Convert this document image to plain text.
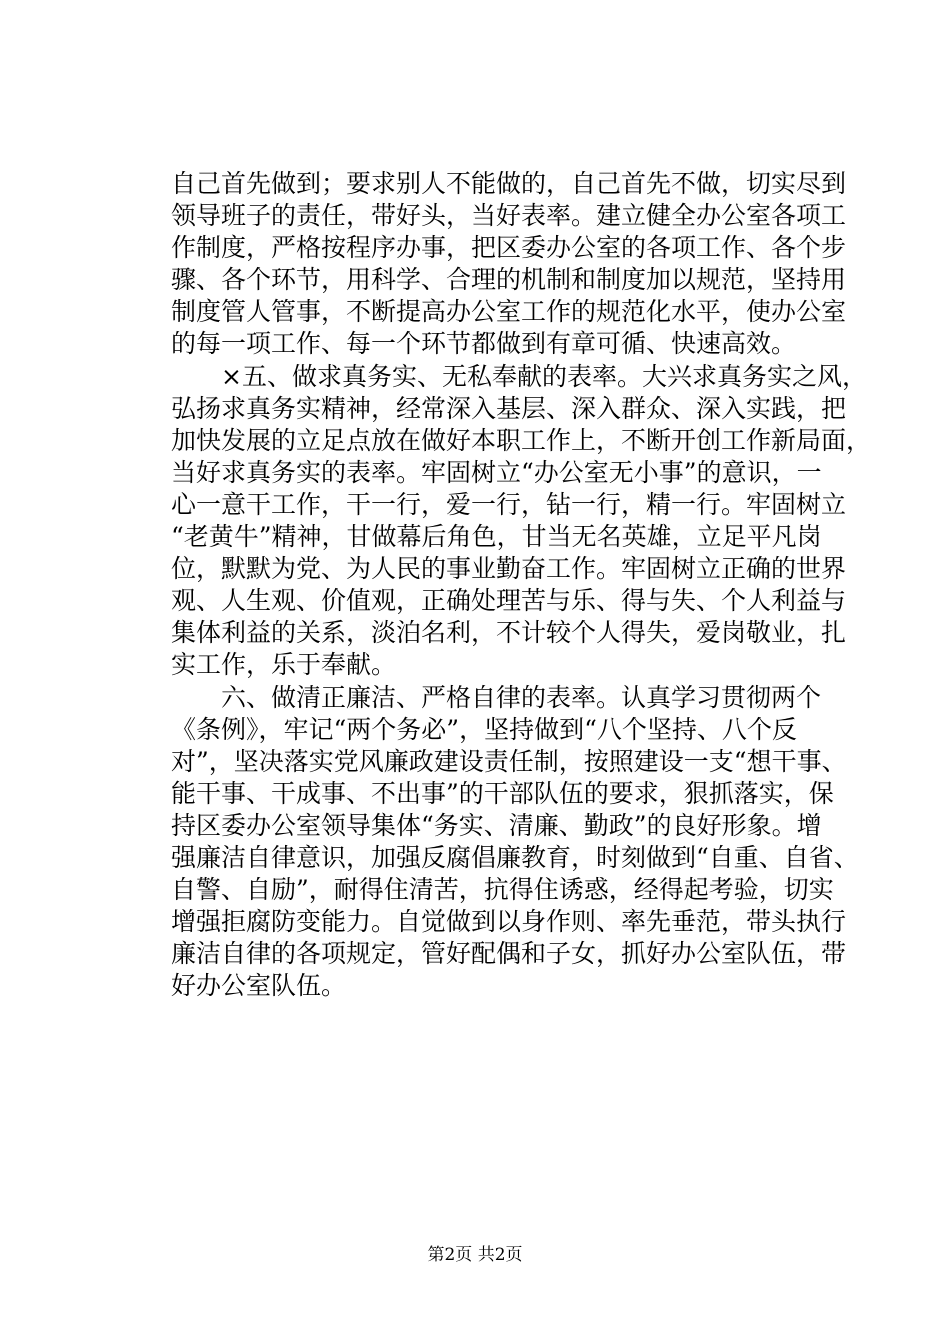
自己首先做到；要求别人不能做的，自己首先不做，切实尽到
领导班子的责任，带好头，当好表率。建立健全办公室各项工
作制度，严格按程序办事，把区委办公室的各项工作、各个步
骤、各个环节，用科学、合理的机制和制度加以规范，坚持用
制度管人管事，不断提高办公室工作的规范化水平，使办公室
的每一项工作、每一个环节都做到有章可循、快速高效。
　　×五、做求真务实、无私奉献的表率。大兴求真务实之风，
弘扬求真务实精神，经常深入基层、深入群众、深入实践，把
加快发展的立足点放在做好本职工作上，不断开创工作新局面，
当好求真务实的表率。牢固树立“办公室无小事”的意识，一
心一意干工作，干一行，爱一行，钻一行，精一行。牢固树立
“老黄牛”精神，甘做幕后角色，甘当无名英雄，立足平凡岗
位，默默为党、为人民的事业勤奋工作。牢固树立正确的世界
观、人生观、价值观，正确处理苦与乐、得与失、个人利益与
集体利益的关系，淡泊名利，不计较个人得失，爱岗敬业，扎
实工作，乐于奉献。
　　六、做清正廉洁、严格自律的表率。认真学习贯彻两个
《条例》，牢记“两个务必”，坚持做到“八个坚持、八个反
对”，坚决落实党风廉政建设责任制，按照建设一支“想干事、
能干事、干成事、不出事”的干部队伍的要求，狠抓落实，保
持区委办公室领导集体“务实、清廉、勤政”的良好形象。增
强廉洁自律意识，加强反腐倡廉教育，时刻做到“自重、自省、
自警、自励”，耐得住清苦，抗得住诱惑，经得起考验，切实
增强拒腐防变能力。自觉做到以身作则、率先垂范，带头执行
廉洁自律的各项规定，管好配偶和子女，抓好办公室队伍，带
好办公室队伍。
第2页 共2页
